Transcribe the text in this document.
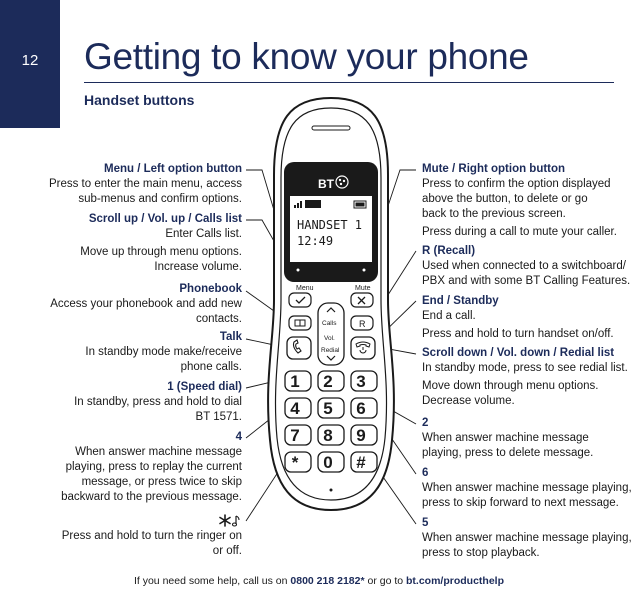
12	Getting to know your phone
Handset buttons
Menu / Left option button
Press to enter the main menu, access
sub-menus and confirm options.
Scroll up / Vol. up / Calls list
Enter Calls list.
Move up through menu options.
Increase volume.
Phonebook
Access your phonebook and add new
contacts.
Talk
In standby mode make/receive
phone calls.
1 (Speed dial)
In standby, press and hold to dial
BT 1571.
4
When answer machine message
playing, press to replay the current
message, or press twice to skip
backward to the previous message.
Press and hold to turn the ringer on
or off.
Mute / Right option button
Press to confirm the option displayed
above the button, to delete or go
back to the previous screen.
Press during a call to mute your caller.
R (Recall)
Used when connected to a switchboard/
PBX and with some BT Calling Features.
End / Standby
End a call.
Press and hold to turn handset on/off.
Scroll down / Vol. down / Redial list
In standby mode, press to see redial list.
Move down through menu options.
Decrease volume.
2
When answer machine message
playing, press to delete message.
6
When answer machine message playing,
press to skip forward to next message.
5
When answer machine message playing,
press to stop playback.
BT
HANDSET 1
12:49
Menu	Mute
R
Calls
Vol.
Redial
1 2 3
4 5 6
7 8 9
* 0 #
If you need some help, call us on 0800 218 2182* or go to bt.com/producthelp
